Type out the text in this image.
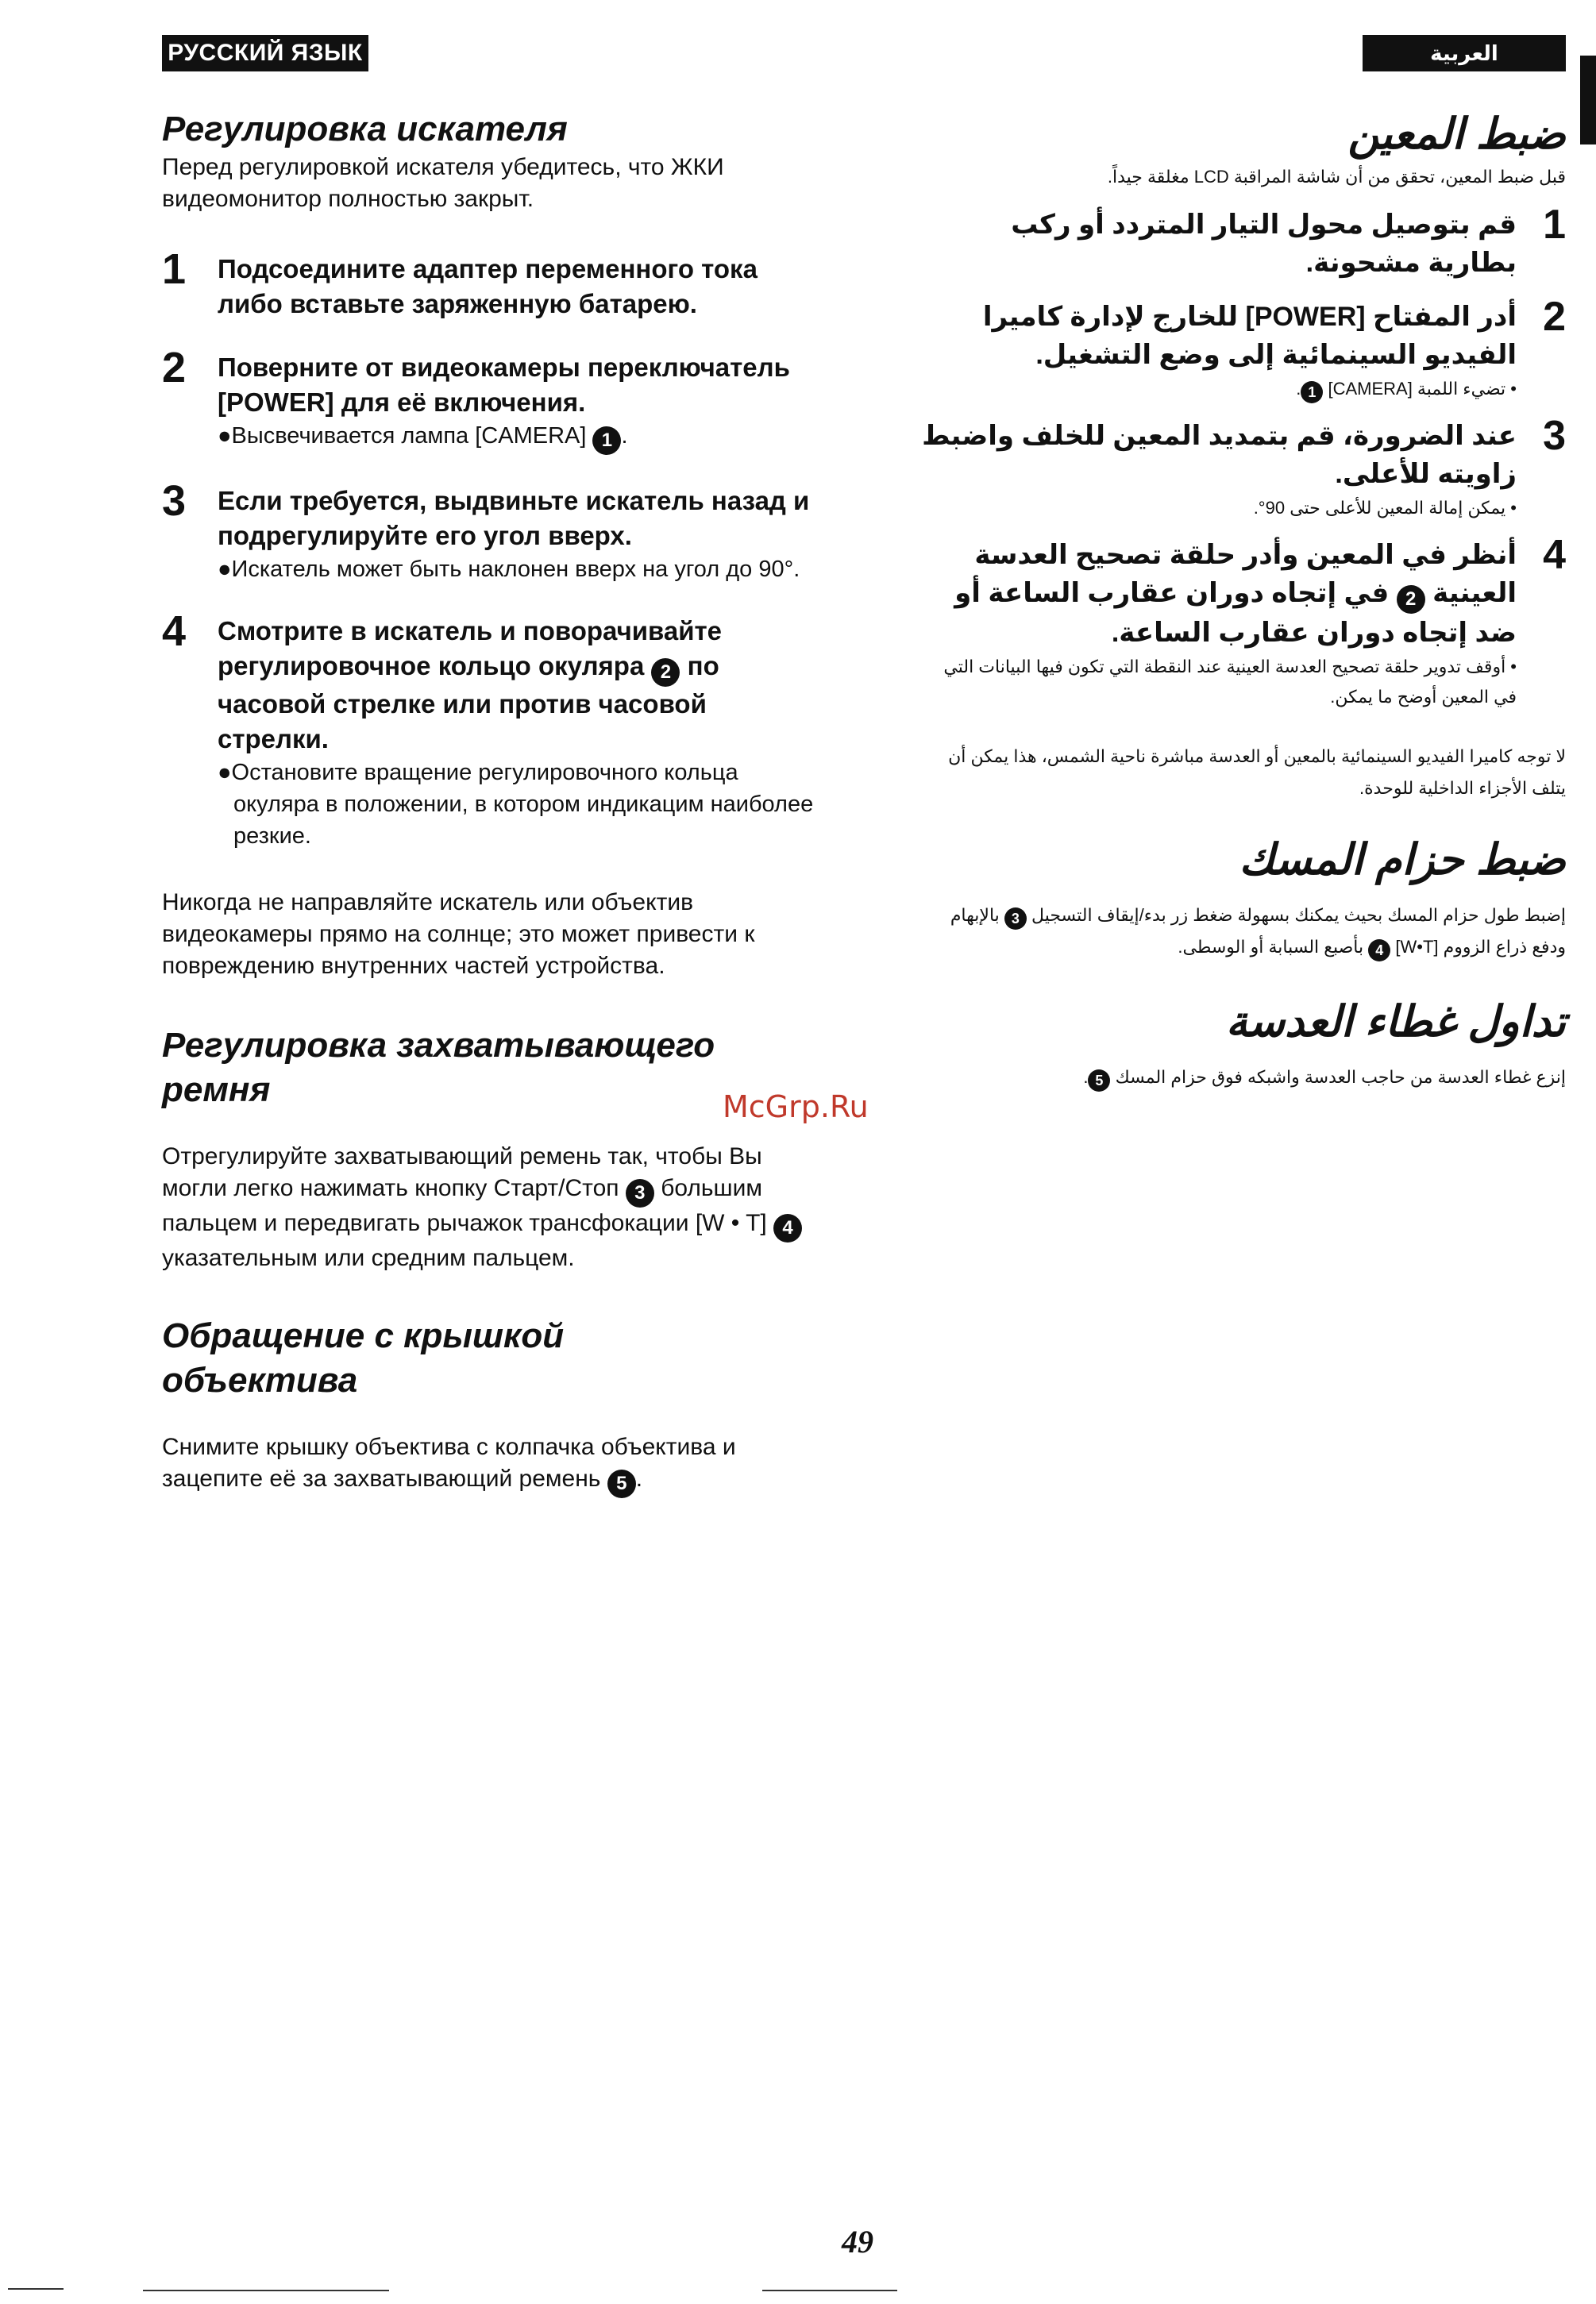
РУССКИЙ ЯЗЫК	العربية
Регулировка искателя

Перед регулировкой искателя убедитесь, что ЖКИ видеомонитор полностью закрыт.

1 Подсоедините адаптер переменного тока либо вставьте заряженную батарею.
2 Поверните от видеокамеры переключатель [POWER] для её включения.
●Высвечивается лампа [CAMERA] 1 .
3 Если требуется, выдвиньте искатель назад и подрегулируйте его угол вверх.
●Искатель может быть наклонен вверх на угол до 90°.
4 Смотрите в искатель и поворачивайте регулировочное кольцо окуляра 2 по часовой стрелке или против часовой стрелки.
●Остановите вращение регулировочного кольца окуляра в положении, в котором индикацим наиболее резкие.

Никогда не направляйте искатель или объектив видеокамеры прямо на солнце; это может привести к повреждению внутренних частей устройства.

Регулировка захватывающего ремня

Отрегулируйте захватывающий ремень так, чтобы Вы могли легко нажимать кнопку Старт/Стоп 3 большим пальцем и передвигать рычажок трансфокации [W • T] 4 указательным или средним пальцем.

Обращение с крышкой объектива

Снимите крышку объектива с колпачка объектива и зацепите её за захватывающий ремень 5 .

McGrp.Ru
ضبط المعين

قبل ضبط المعين، تحقق من أن شاشة المراقبة LCD مغلقة جيداً.

1
قم بتوصيل محول التيار المتردد أو ركب بطارية مشحونة.
2
أدر المفتاح [POWER] للخارج لإدارة كاميرا الفيديو السينمائية إلى وضع التشغيل.
• تضيء اللمبة [CAMERA] 1.
3
عند الضرورة، قم بتمديد المعين للخلف واضبط زاويته للأعلى.
• يمكن إمالة المعين للأعلى حتى 90°.
4
أنظر في المعين وأدر حلقة تصحيح العدسة العينية 2 في إتجاه دوران عقارب الساعة أو ضد إتجاه دوران عقارب الساعة.
• أوقف تدوير حلقة تصحيح العدسة العينية عند النقطة التي تكون فيها البيانات التي في المعين أوضح ما يمكن.

لا توجه كاميرا الفيديو السينمائية بالمعين أو العدسة مباشرة ناحية الشمس، هذا يمكن أن يتلف الأجزاء الداخلية للوحدة.

ضبط حزام المسك

إضبط طول حزام المسك بحيث يمكنك بسهولة ضغط زر بدء/إيقاف التسجيل 3 بالإبهام ودفع ذراع الزووم [W•T] 4 بأصبع السبابة أو الوسطى.

تداول غطاء العدسة

إنزع غطاء العدسة من حاجب العدسة واشبكه فوق حزام المسك 5.

49
